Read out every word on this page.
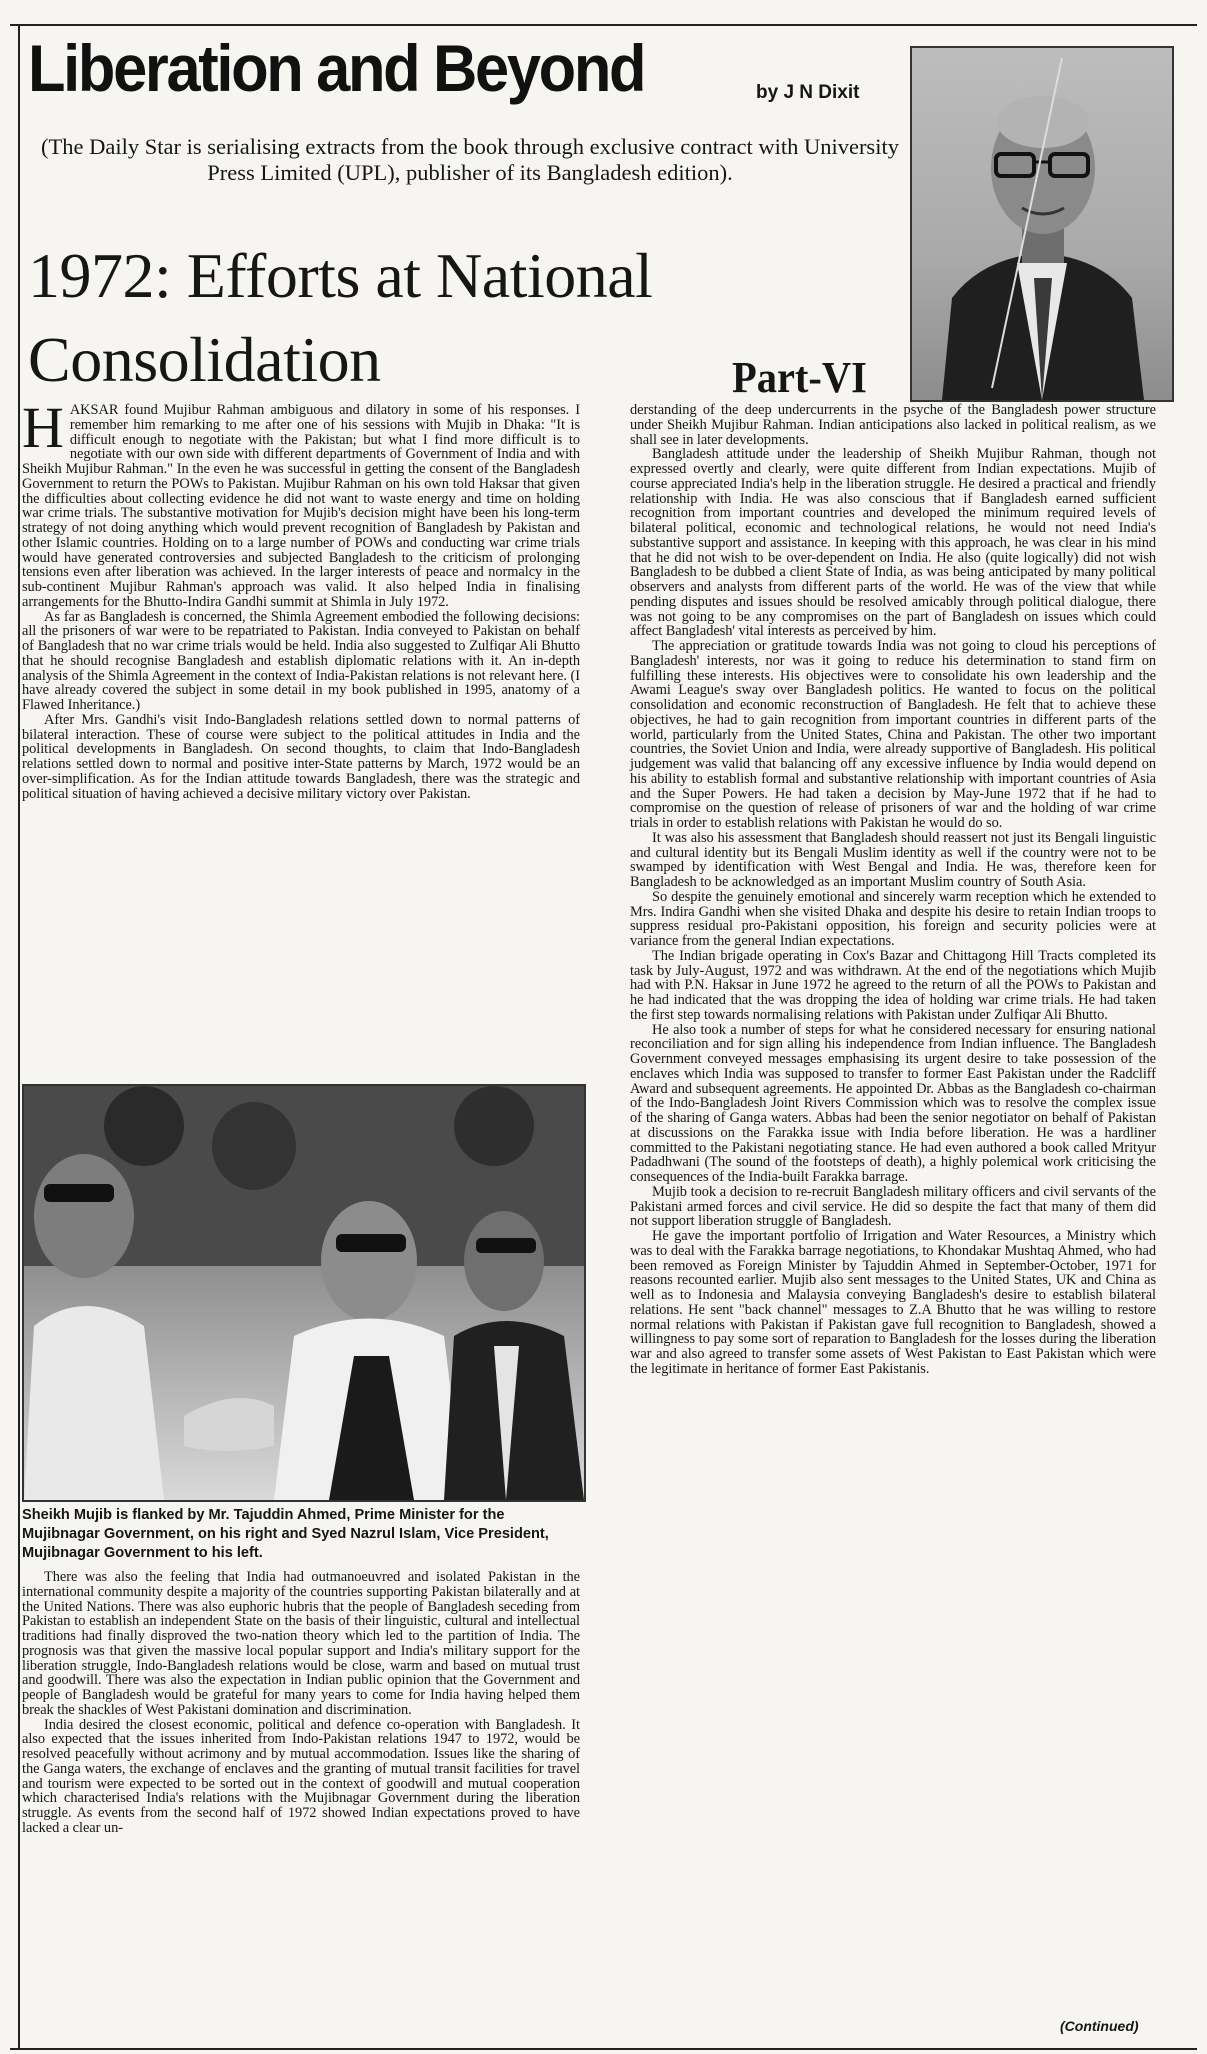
Liberation and Beyond	by J N Dixit
(The Daily Star is serialising extracts from the book through exclusive contract with University Press Limited (UPL), publisher of its Bangladesh edition).
1972: Efforts at National Consolidation	Part-VI

HAKSAR found Mujibur Rahman ambiguous and dilatory in some of his responses. I remember him remarking to me after one of his sessions with Mujib in Dhaka: "It is difficult enough to negotiate with the Pakistan; but what I find more difficult is to negotiate with our own side with different departments of Government of India and with Sheikh Mujibur Rahman." In the even he was successful in getting the consent of the Bangladesh Government to return the POWs to Pakistan. Mujibur Rahman on his own told Haksar that given the difficulties about collecting evidence he did not want to waste energy and time on holding war crime trials. The substantive motivation for Mujib's decision might have been his long-term strategy of not doing anything which would prevent recognition of Bangladesh by Pakistan and other Islamic countries. Holding on to a large number of POWs and conducting war crime trials would have generated controversies and subjected Bangladesh to the criticism of prolonging tensions even after liberation was achieved. In the larger interests of peace and normalcy in the sub-continent Mujibur Rahman's approach was valid. It also helped India in finalising arrangements for the Bhutto-Indira Gandhi summit at Shimla in July 1972.

As far as Bangladesh is concerned, the Shimla Agreement embodied the following decisions: all the prisoners of war were to be repatriated to Pakistan. India conveyed to Pakistan on behalf of Bangladesh that no war crime trials would be held. India also suggested to Zulfiqar Ali Bhutto that he should recognise Bangladesh and establish diplomatic relations with it. An in-depth analysis of the Shimla Agreement in the context of India-Pakistan relations is not relevant here. (I have already covered the subject in some detail in my book published in 1995, anatomy of a Flawed Inheritance.)

After Mrs. Gandhi's visit Indo-Bangladesh relations settled down to normal patterns of bilateral interaction. These of course were subject to the political attitudes in India and the political developments in Bangladesh. On second thoughts, to claim that Indo-Bangladesh relations settled down to normal and positive inter-State patterns by March, 1972 would be an over-simplification. As for the Indian attitude towards Bangladesh, there was the strategic and political situation of having achieved a decisive military victory over Pakistan.

Sheikh Mujib is flanked by Mr. Tajuddin Ahmed, Prime Minister for the Mujibnagar Government, on his right and Syed Nazrul Islam, Vice President, Mujibnagar Government to his left.

There was also the feeling that India had outmanoeuvred and isolated Pakistan in the international community despite a majority of the countries supporting Pakistan bilaterally and at the United Nations. There was also euphoric hubris that the people of Bangladesh seceding from Pakistan to establish an independent State on the basis of their linguistic, cultural and intellectual traditions had finally disproved the two-nation theory which led to the partition of India. The prognosis was that given the massive local popular support and India's military support for the liberation struggle, Indo-Bangladesh relations would be close, warm and based on mutual trust and goodwill. There was also the expectation in Indian public opinion that the Government and people of Bangladesh would be grateful for many years to come for India having helped them break the shackles of West Pakistani domination and discrimination.

India desired the closest economic, political and defence co-operation with Bangladesh. It also expected that the issues inherited from Indo-Pakistan relations 1947 to 1972, would be resolved peacefully without acrimony and by mutual accommodation. Issues like the sharing of the Ganga waters, the exchange of enclaves and the granting of mutual transit facilities for travel and tourism were expected to be sorted out in the context of goodwill and mutual cooperation which characterised India's relations with the Mujibnagar Government during the liberation struggle. As events from the second half of 1972 showed Indian expectations proved to have lacked a clear un-

derstanding of the deep undercurrents in the psyche of the Bangladesh power structure under Sheikh Mujibur Rahman. Indian anticipations also lacked in political realism, as we shall see in later developments.

Bangladesh attitude under the leadership of Sheikh Mujibur Rahman, though not expressed overtly and clearly, were quite different from Indian expectations. Mujib of course appreciated India's help in the liberation struggle. He desired a practical and friendly relationship with India. He was also conscious that if Bangladesh earned sufficient recognition from important countries and developed the minimum required levels of bilateral political, economic and technological relations, he would not need India's substantive support and assistance. In keeping with this approach, he was clear in his mind that he did not wish to be over-dependent on India. He also (quite logically) did not wish Bangladesh to be dubbed a client State of India, as was being anticipated by many political observers and analysts from different parts of the world. He was of the view that while pending disputes and issues should be resolved amicably through political dialogue, there was not going to be any compromises on the part of Bangladesh on issues which could affect Bangladesh' vital interests as perceived by him.

The appreciation or gratitude towards India was not going to cloud his perceptions of Bangladesh' interests, nor was it going to reduce his determination to stand firm on fulfilling these interests. His objectives were to consolidate his own leadership and the Awami League's sway over Bangladesh politics. He wanted to focus on the political consolidation and economic reconstruction of Bangladesh. He felt that to achieve these objectives, he had to gain recognition from important countries in different parts of the world, particularly from the United States, China and Pakistan. The other two important countries, the Soviet Union and India, were already supportive of Bangladesh. His political judgement was valid that balancing off any excessive influence by India would depend on his ability to establish formal and substantive relationship with important countries of Asia and the Super Powers. He had taken a decision by May-June 1972 that if he had to compromise on the question of release of prisoners of war and the holding of war crime trials in order to establish relations with Pakistan he would do so.

It was also his assessment that Bangladesh should reassert not just its Bengali linguistic and cultural identity but its Bengali Muslim identity as well if the country were not to be swamped by identification with West Bengal and India. He was, therefore keen for Bangladesh to be acknowledged as an important Muslim country of South Asia.

So despite the genuinely emotional and sincerely warm reception which he extended to Mrs. Indira Gandhi when she visited Dhaka and despite his desire to retain Indian troops to suppress residual pro-Pakistani opposition, his foreign and security policies were at variance from the general Indian expectations.

The Indian brigade operating in Cox's Bazar and Chittagong Hill Tracts completed its task by July-August, 1972 and was withdrawn. At the end of the negotiations which Mujib had with P.N. Haksar in June 1972 he agreed to the return of all the POWs to Pakistan and he had indicated that the was dropping the idea of holding war crime trials. He had taken the first step towards normalising relations with Pakistan under Zulfiqar Ali Bhutto.

He also took a number of steps for what he considered necessary for ensuring national reconciliation and for sign alling his independence from Indian influence. The Bangladesh Government conveyed messages emphasising its urgent desire to take possession of the enclaves which India was supposed to transfer to former East Pakistan under the Radcliff Award and subsequent agreements. He appointed Dr. Abbas as the Bangladesh co-chairman of the Indo-Bangladesh Joint Rivers Commission which was to resolve the complex issue of the sharing of Ganga waters. Abbas had been the senior negotiator on behalf of Pakistan at discussions on the Farakka issue with India before liberation. He was a hardliner committed to the Pakistani negotiating stance. He had even authored a book called Mrityur Padadhwani (The sound of the footsteps of death), a highly polemical work criticising the consequences of the India-built Farakka barrage.

Mujib took a decision to re-recruit Bangladesh military officers and civil servants of the Pakistani armed forces and civil service. He did so despite the fact that many of them did not support liberation struggle of Bangladesh.

He gave the important portfolio of Irrigation and Water Resources, a Ministry which was to deal with the Farakka barrage negotiations, to Khondakar Mushtaq Ahmed, who had been removed as Foreign Minister by Tajuddin Ahmed in September-October, 1971 for reasons recounted earlier. Mujib also sent messages to the United States, UK and China as well as to Indonesia and Malaysia conveying Bangladesh's desire to establish bilateral relations. He sent "back channel" messages to Z.A Bhutto that he was willing to restore normal relations with Pakistan if Pakistan gave full recognition to Bangladesh, showed a willingness to pay some sort of reparation to Bangladesh for the losses during the liberation war and also agreed to transfer some assets of West Pakistan to East Pakistan which were the legitimate in heritance of former East Pakistanis.

(Continued)
